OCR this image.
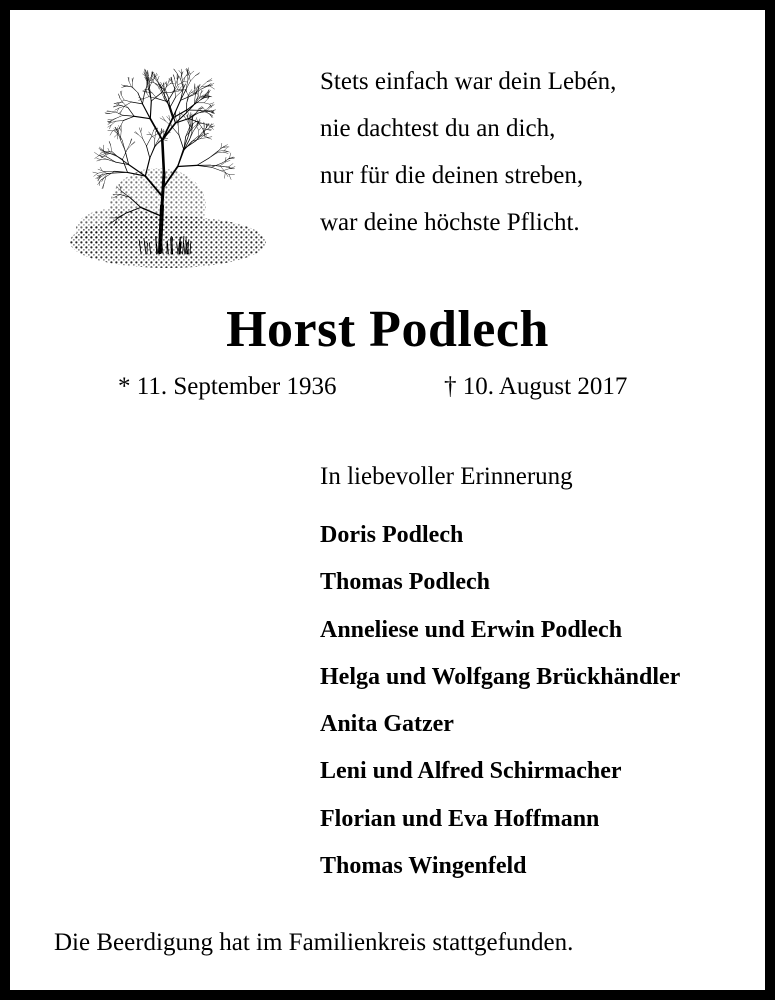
Stets einfach war dein Lebén,
nie dachtest du an dich,
nur für die deinen streben,
war deine höchste Pflicht.
Horst Podlech
* 11. September 1936	† 10. August 2017
In liebevoller Erinnerung
Doris Podlech
Thomas Podlech
Anneliese und Erwin Podlech
Helga und Wolfgang Brückhändler
Anita Gatzer
Leni und Alfred Schirmacher
Florian und Eva Hoffmann
Thomas Wingenfeld
Die Beerdigung hat im Familienkreis stattgefunden.
